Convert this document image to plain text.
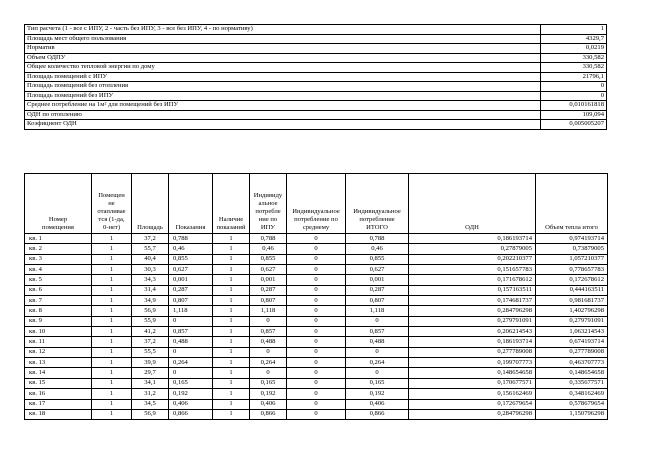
Тип расчета (1 - все с ИПУ, 2 - часть без ИПУ, 3 - все без ИПУ, 4 - по нормативу)	1
Площадь мест общего пользования	4329,7
Норматив	0,0219
Объем ОДПУ	330,582
Общее количество тепловой энергии по дому	330,582
Площадь помещений с ИПУ	21796,1
Площадь помещений без отопления	0
Площадь помещений без ИПУ	0
Среднее потребление на 1м² для помещений без ИПУ	0,010161818
ОДН по отоплению	109,094
Коэфициент ОДН	0,005005207
Номер
помещения	Помещен
не
отапливае
тся (1-да,
0-нет)	Площадь	Показания	Наличие
показаний	Индивиду
альное
потребле
ние по
ИПУ	Индивидуальное
потребление по
среднему	Индивидуальное
потребление
ИТОГО	ОДН	Объем тепла итого
кв. 1	1	37,2	0,788	1	0,788	0	0,788	0,186193714	0,974193714
кв. 2	1	55,7	0,46	1	0,46	0	0,46	0,27879005	0,73879005
кв. 3	1	40,4	0,855	1	0,855	0	0,855	0,202210377	1,057210377
кв. 4	1	30,3	0,627	1	0,627	0	0,627	0,151657783	0,778657783
кв. 5	1	34,3	0,001	1	0,001	0	0,001	0,171678612	0,172678612
кв. 6	1	31,4	0,287	1	0,287	0	0,287	0,157163511	0,444163511
кв. 7	1	34,9	0,807	1	0,807	0	0,807	0,174681737	0,981681737
кв. 8	1	56,9	1,118	1	1,118	0	1,118	0,284796298	1,402796298
кв. 9	1	55,9	0	1	0	0	0	0,279791091	0,279791091
кв. 10	1	41,2	0,857	1	0,857	0	0,857	0,206214543	1,063214543
кв. 11	1	37,2	0,488	1	0,488	0	0,488	0,186193714	0,674193714
кв. 12	1	55,5	0	1	0	0	0	0,277789008	0,277789008
кв. 13	1	39,9	0,264	1	0,264	0	0,264	0,199707773	0,463707773
кв. 14	1	29,7	0	1	0	0	0	0,148654658	0,148654658
кв. 15	1	34,1	0,165	1	0,165	0	0,165	0,170677571	0,335677571
кв. 16	1	31,2	0,192	1	0,192	0	0,192	0,156162469	0,348162469
кв. 17	1	34,5	0,406	1	0,406	0	0,406	0,172679654	0,578679654
кв. 18	1	56,9	0,866	1	0,866	0	0,866	0,284796298	1,150796298
